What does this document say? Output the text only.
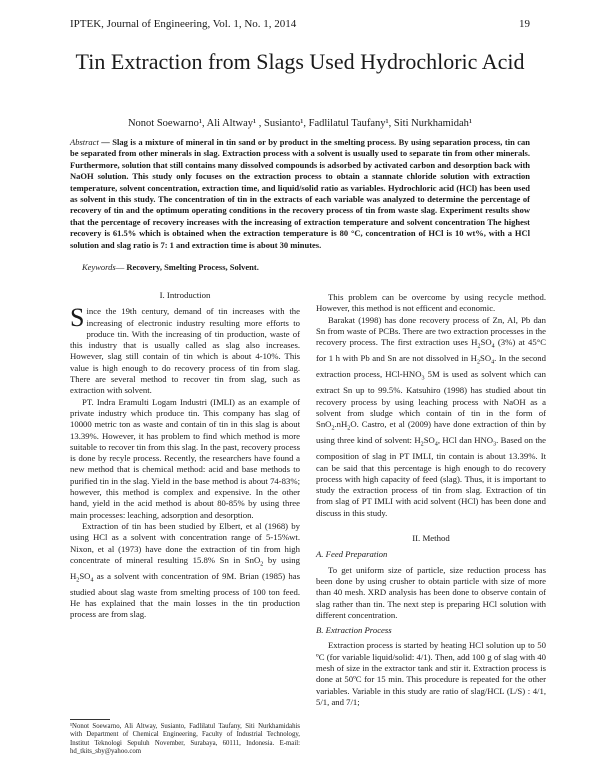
IPTEK, Journal of Engineering, Vol. 1, No. 1, 2014	19
Tin Extraction from Slags Used Hydrochloric Acid
Nonot Soewarno¹, Ali Altway¹ , Susianto¹, Fadlilatul Taufany¹, Siti Nurkhamidah¹
Abstract — Slag is a mixture of mineral in tin sand or by product in the smelting process. By using separation process, tin can be separated from other minerals in slag. Extraction process with a solvent is usually used to separate tin from other minerals. Furthermore, solution that still contains many dissolved compounds is adsorbed by activated carbon and desorption back with NaOH solution. This study only focuses on the extraction process to obtain a stannate chloride solution with extraction temperature, solvent concentration, extraction time, and liquid/solid ratio as variables. Hydrochloric acid (HCl) has been used as solvent in this study. The concentration of tin in the extracts of each variable was analyzed to determine the percentage of recovery of tin and the optimum operating conditions in the recovery process of tin from waste slag. Experiment results show that the percentage of recovery increases with the increasing of extraction temperature and solvent concentration The highest recovery is 61.5% which is obtained when the extraction temperature is 80 °C, concentration of HCl is 10 wt%, with a HCl solution and slag ratio is 7: 1 and extraction time is about 30 minutes.
Keywords— Recovery, Smelting Process, Solvent.
I. Introduction

Since the 19th century, demand of tin increases with the increasing of electronic industry resulting more efforts to produce tin. With the increasing of tin production, waste of this industry that is usually called as slag also increases. However, slag still contain of tin which is about 4-10%. This value is high enough to do recovery process of tin from slag. There are several method to recover tin from slag, such as extraction with solvent.

PT. Indra Eramulti Logam Industri (IMLI) as an example of private industry which produce tin. This company has slag of 10000 metric ton as waste and contain of tin in this slag is about 13.39%. However, it has problem to find which method is more suitable to recover tin from this slag. In the past, recovery process is done by recyle process. Recently, the researchers have found a new method that is chemical method: acid and base methods to purified tin in the slag. Yield in the base method is about 74-83%; however, this method is complex and expensive. In the other hand, yield in the acid method is about 80-85% by using three main processes: leaching, adsorption and desorption.

Extraction of tin has been studied by Elbert, et al (1968) by using HCl as a solvent with concentration range of 5-15%wt. Nixon, et al (1973) have done the extraction of tin from high concentrate of mineral resulting 15.8% Sn in SnO$_2$ by using $H_2SO_4$ as a solvent with concentration of 9M. Brian (1985) has studied about slag waste from smelting process of 100 ton feed. He has explained that the main losses in the tin production process are from slag.

¹Nonot Soewarno, Ali Altway, Susianto, Fadlilatul Taufany, Siti Nurkhamidahis with Department of Chemical Engineering, Faculty of Industrial Technology, Institut Teknologi Sepuluh November, Surabaya, 60111, Indonesia. E-mail: hd_tkits_sby@yahoo.com

This problem can be overcome by using recycle method. However, this method is not efficent and economic.

Barakat (1998) has done recovery process of Zn, Al, Pb dan Sn from waste of PCBs. There are two extraction processes in the recovery process. The first extraction uses $H_2SO_4$ (3%) at 45°C for 1 h with Pb and Sn are not dissolved in $H_2SO_4$. In the second extraction process, HCl-$HNO_3$ 5M is used as solvent which can extract Sn up to 99.5%. Katsuhiro (1998) has studied about tin recovery process by using leaching process with NaOH as a solvent from sludge which contain of tin in the form of $SnO_2.nH_2O$. Castro, et al (2009) have done extraction of thin by using three kind of solvent: $H_2SO_4$, HCl dan $HNO_3$. Based on the composition of slag in PT IMLI, tin contain is about 13.39%. It can be said that this percentage is high enough to do recovery process with high capacity of feed (slag). Thus, it is important to study the extraction process of tin from slag. Extraction of tin from slag of PT IMLI with acid solvent (HCl) has been done and discuss in this study.

II. Method
A. Feed Preparation

To get uniform size of particle, size reduction process has been done by using crusher to obtain particle with size of more than 40 mesh. XRD analysis has been done to observe contain of slag rather than tin. The next step is preparing HCl solution with different concentration.

B. Extraction Process

Extraction process is started by heating HCl solution up to 50 ºC (for variable liquid/solid: 4/1). Then, add 100 g of slag with 40 mesh of size in the extractor tank and stir it. Extraction process is done at 50ºC for 15 min. This procedure is repeated for the other variables. Variable in this study are ratio of slag/HCL (L/S) : 4/1, 5/1, and 7/1;
